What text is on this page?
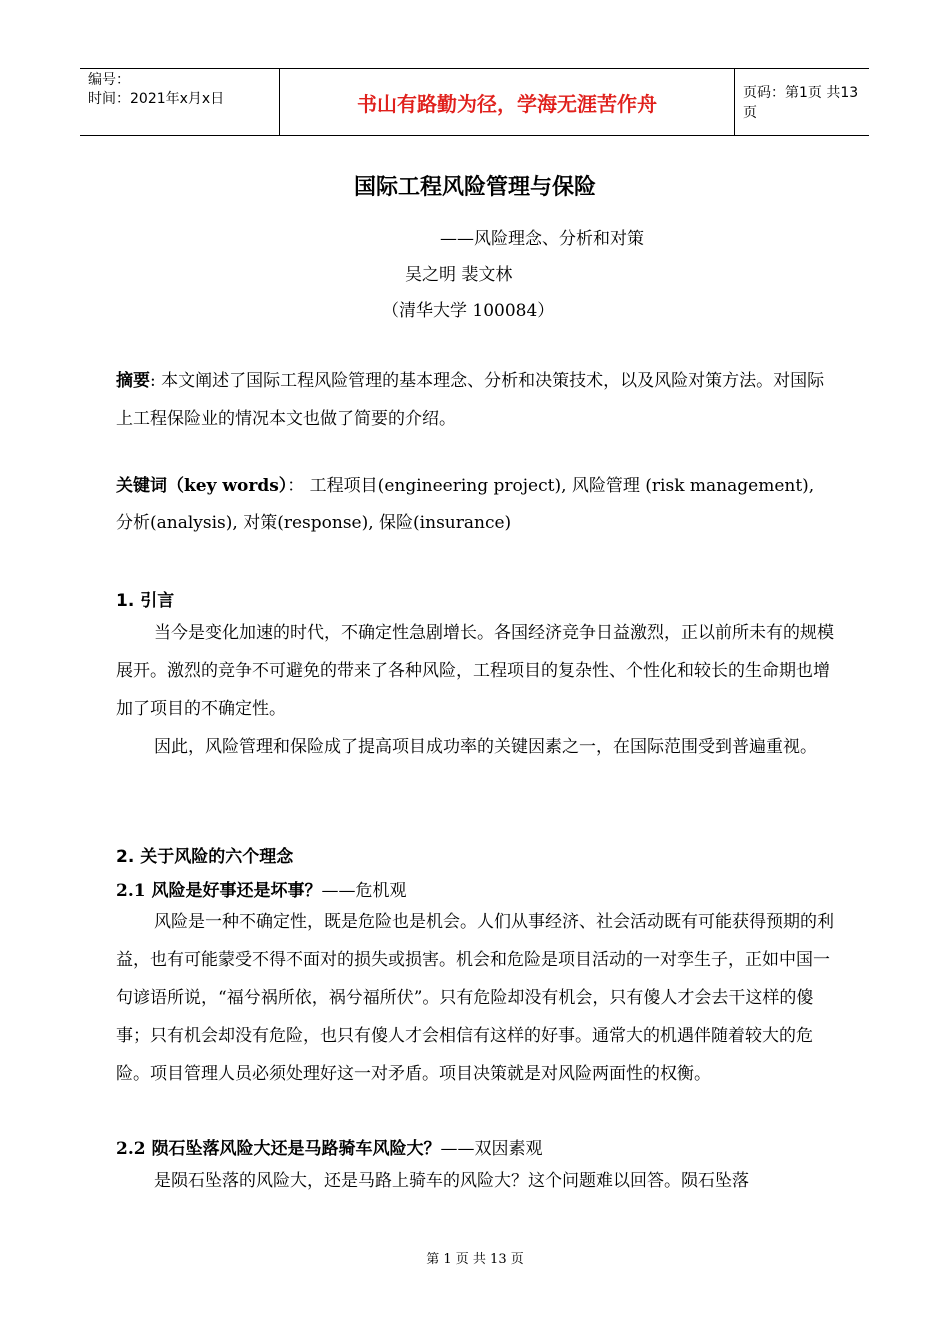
编号：
时间：2021年x月x日	书山有路勤为径，学海无涯苦作舟	页码：第1页 共13页
国际工程风险管理与保险
——风险理念、分析和对策
吴之明 裴文林
（清华大学 100084）
摘要: 本文阐述了国际工程风险管理的基本理念、分析和决策技术，以及风险对策方法。对国际上工程保险业的情况本文也做了简要的介绍。
关键词（key words）： 工程项目(engineering project), 风险管理 (risk management), 分析(analysis), 对策(response), 保险(insurance)
1. 引言
当今是变化加速的时代，不确定性急剧增长。各国经济竞争日益激烈，正以前所未有的规模展开。激烈的竞争不可避免的带来了各种风险，工程项目的复杂性、个性化和较长的生命期也增加了项目的不确定性。
因此，风险管理和保险成了提高项目成功率的关键因素之一，在国际范围受到普遍重视。
2. 关于风险的六个理念
2.1 风险是好事还是坏事？——危机观
风险是一种不确定性，既是危险也是机会。人们从事经济、社会活动既有可能获得预期的利益，也有可能蒙受不得不面对的损失或损害。机会和危险是项目活动的一对孪生子，正如中国一句谚语所说，“福兮祸所依，祸兮福所伏”。只有危险却没有机会，只有傻人才会去干这样的傻事；只有机会却没有危险，也只有傻人才会相信有这样的好事。通常大的机遇伴随着较大的危险。项目管理人员必须处理好这一对矛盾。项目决策就是对风险两面性的权衡。
2.2 陨石坠落风险大还是马路骑车风险大？——双因素观
是陨石坠落的风险大，还是马路上骑车的风险大？这个问题难以回答。陨石坠落
第 1 页 共 13 页
